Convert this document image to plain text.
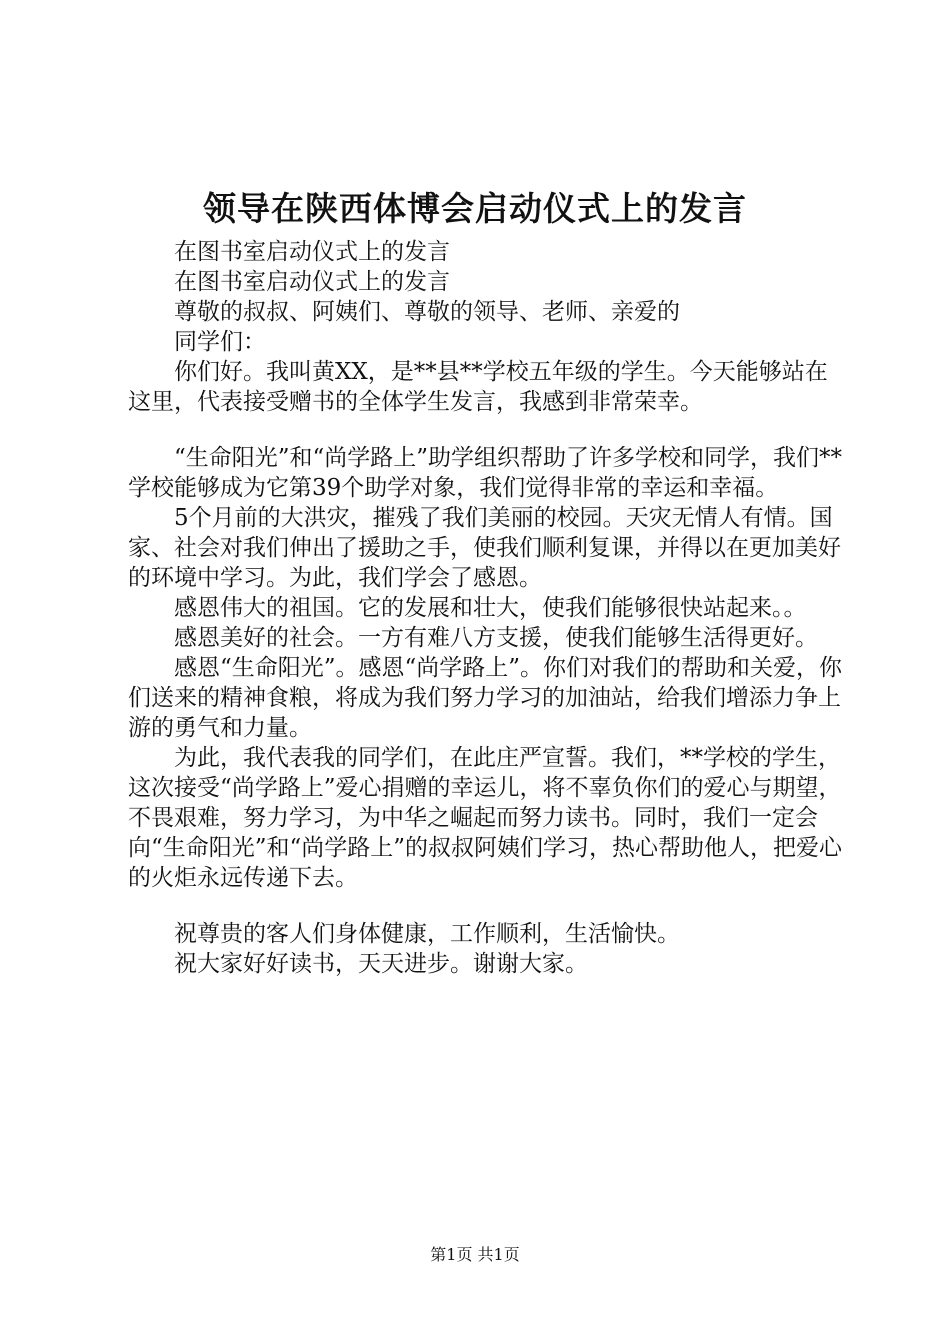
领导在陕西体博会启动仪式上的发言

在图书室启动仪式上的发言

在图书室启动仪式上的发言

尊敬的叔叔、阿姨们、尊敬的领导、老师、亲爱的

同学们：

你们好。我叫黄XX，是**县**学校五年级的学生。今天能够站在这里，代表接受赠书的全体学生发言，我感到非常荣幸。

“生命阳光”和“尚学路上”助学组织帮助了许多学校和同学，我们**学校能够成为它第39个助学对象，我们觉得非常的幸运和幸福。

5个月前的大洪灾，摧残了我们美丽的校园。天灾无情人有情。国家、社会对我们伸出了援助之手，使我们顺利复课，并得以在更加美好的环境中学习。为此，我们学会了感恩。

感恩伟大的祖国。它的发展和壮大，使我们能够很快站起来。。

感恩美好的社会。一方有难八方支援，使我们能够生活得更好。

感恩“生命阳光”。感恩“尚学路上”。你们对我们的帮助和关爱，你们送来的精神食粮，将成为我们努力学习的加油站，给我们增添力争上游的勇气和力量。

为此，我代表我的同学们，在此庄严宣誓。我们，**学校的学生，这次接受“尚学路上”爱心捐赠的幸运儿，将不辜负你们的爱心与期望，不畏艰难，努力学习，为中华之崛起而努力读书。同时，我们一定会向“生命阳光”和“尚学路上”的叔叔阿姨们学习，热心帮助他人，把爱心的火炬永远传递下去。

祝尊贵的客人们身体健康，工作顺利，生活愉快。

祝大家好好读书，天天进步。谢谢大家。

第1页 共1页
